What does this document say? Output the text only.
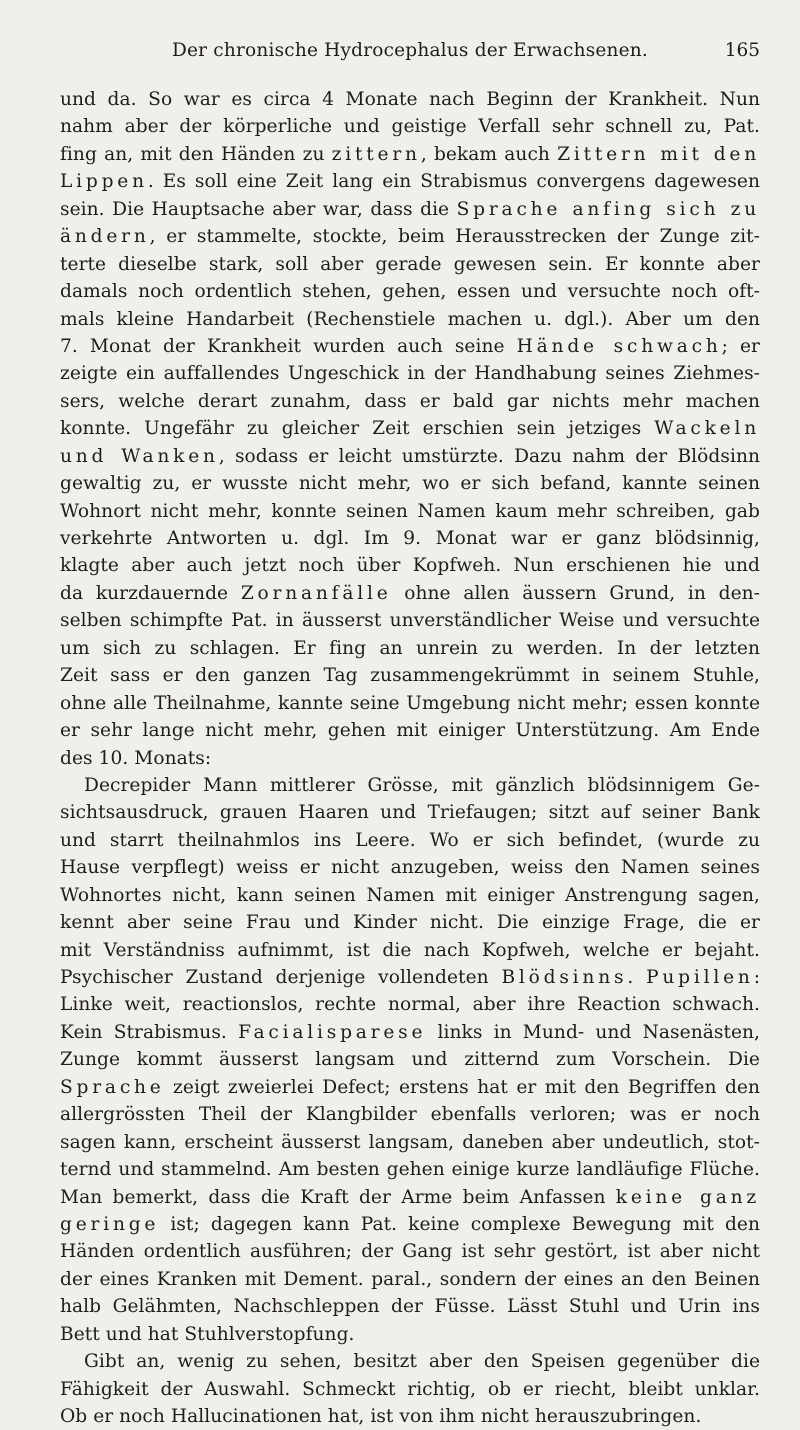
Der chronische Hydrocephalus der Erwachsenen.	165
und da. So war es circa 4 Monate nach Beginn der Krankheit. Nun
nahm aber der körperliche und geistige Verfall sehr schnell zu, Pat.
fing an, mit den Händen zu zittern, bekam auch Zittern mit den
Lippen. Es soll eine Zeit lang ein Strabismus convergens dagewesen
sein. Die Hauptsache aber war, dass die Sprache anfing sich zu
ändern, er stammelte, stockte, beim Herausstrecken der Zunge zit-
terte dieselbe stark, soll aber gerade gewesen sein. Er konnte aber
damals noch ordentlich stehen, gehen, essen und versuchte noch oft-
mals kleine Handarbeit (Rechenstiele machen u. dgl.). Aber um den
7. Monat der Krankheit wurden auch seine Hände schwach; er
zeigte ein auffallendes Ungeschick in der Handhabung seines Ziehmes-
sers, welche derart zunahm, dass er bald gar nichts mehr machen
konnte. Ungefähr zu gleicher Zeit erschien sein jetziges Wackeln
und Wanken, sodass er leicht umstürzte. Dazu nahm der Blödsinn
gewaltig zu, er wusste nicht mehr, wo er sich befand, kannte seinen
Wohnort nicht mehr, konnte seinen Namen kaum mehr schreiben, gab
verkehrte Antworten u. dgl. Im 9. Monat war er ganz blödsinnig,
klagte aber auch jetzt noch über Kopfweh. Nun erschienen hie und
da kurzdauernde Zornanfälle ohne allen äussern Grund, in den-
selben schimpfte Pat. in äusserst unverständlicher Weise und versuchte
um sich zu schlagen. Er fing an unrein zu werden. In der letzten
Zeit sass er den ganzen Tag zusammengekrümmt in seinem Stuhle,
ohne alle Theilnahme, kannte seine Umgebung nicht mehr; essen konnte
er sehr lange nicht mehr, gehen mit einiger Unterstützung. Am Ende
des 10. Monats:
Decrepider Mann mittlerer Grösse, mit gänzlich blödsinnigem Ge-
sichtsausdruck, grauen Haaren und Triefaugen; sitzt auf seiner Bank
und starrt theilnahmlos ins Leere. Wo er sich befindet, (wurde zu
Hause verpflegt) weiss er nicht anzugeben, weiss den Namen seines
Wohnortes nicht, kann seinen Namen mit einiger Anstrengung sagen,
kennt aber seine Frau und Kinder nicht. Die einzige Frage, die er
mit Verständniss aufnimmt, ist die nach Kopfweh, welche er bejaht.
Psychischer Zustand derjenige vollendeten Blödsinns. Pupillen:
Linke weit, reactionslos, rechte normal, aber ihre Reaction schwach.
Kein Strabismus. Facialisparese links in Mund- und Nasenästen,
Zunge kommt äusserst langsam und zitternd zum Vorschein. Die
Sprache zeigt zweierlei Defect; erstens hat er mit den Begriffen den
allergrössten Theil der Klangbilder ebenfalls verloren; was er noch
sagen kann, erscheint äusserst langsam, daneben aber undeutlich, stot-
ternd und stammelnd. Am besten gehen einige kurze landläufige Flüche.
Man bemerkt, dass die Kraft der Arme beim Anfassen keine ganz
geringe ist; dagegen kann Pat. keine complexe Bewegung mit den
Händen ordentlich ausführen; der Gang ist sehr gestört, ist aber nicht
der eines Kranken mit Dement. paral., sondern der eines an den Beinen
halb Gelähmten, Nachschleppen der Füsse. Lässt Stuhl und Urin ins
Bett und hat Stuhlverstopfung.
Gibt an, wenig zu sehen, besitzt aber den Speisen gegenüber die
Fähigkeit der Auswahl. Schmeckt richtig, ob er riecht, bleibt unklar.
Ob er noch Hallucinationen hat, ist von ihm nicht herauszubringen.
